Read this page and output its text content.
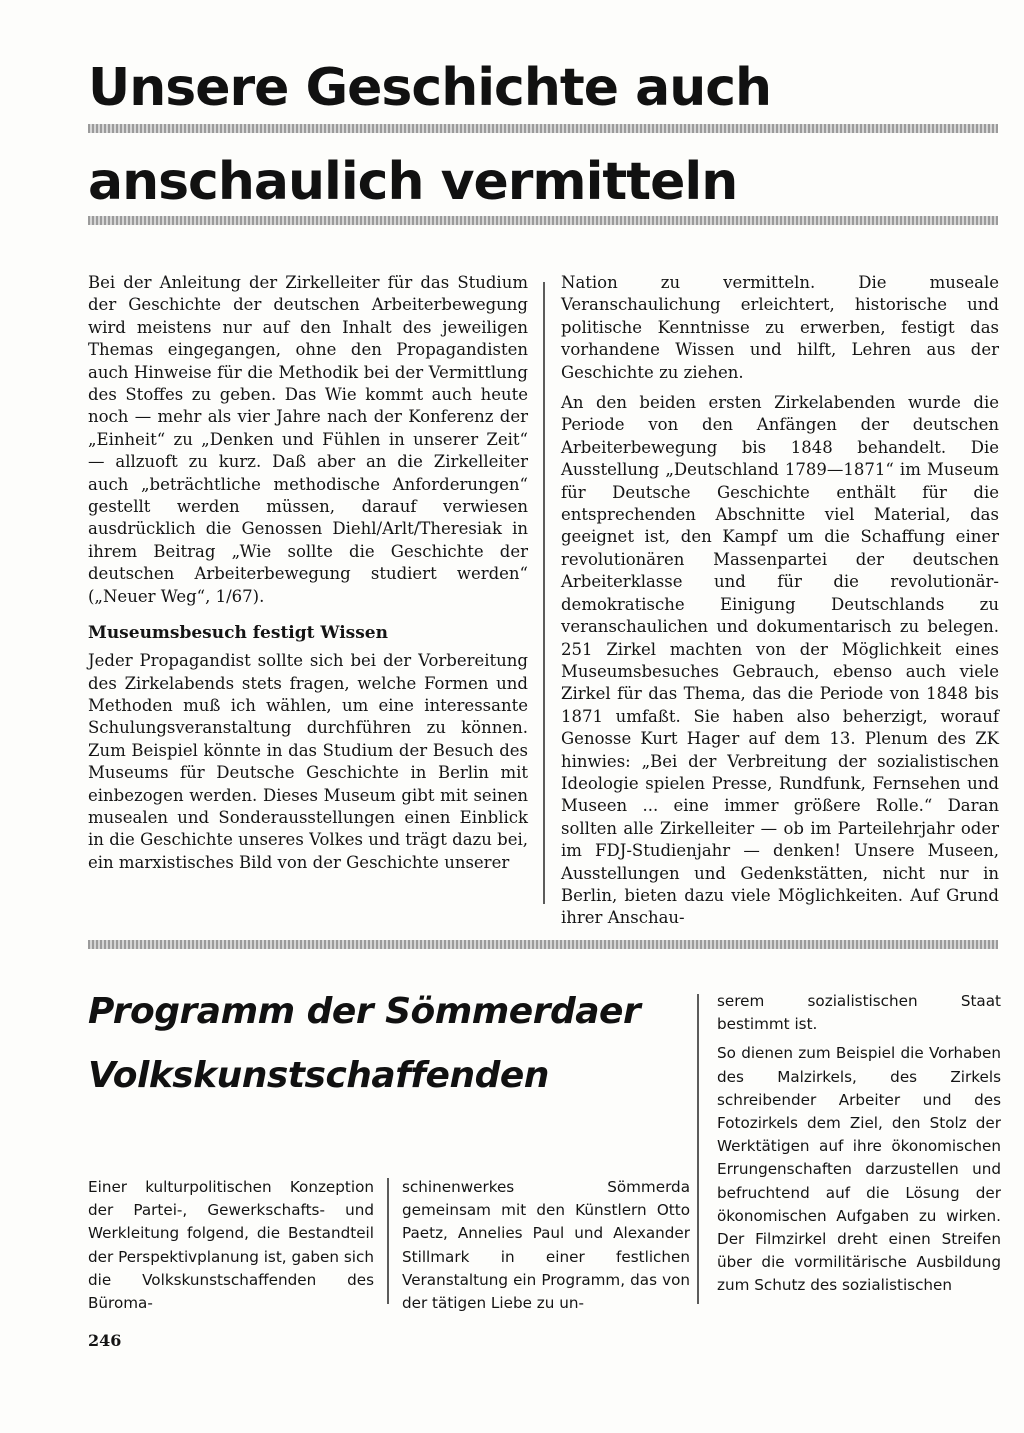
Unsere Geschichte auch
anschaulich vermitteln

Bei der Anleitung der Zirkelleiter für das Studium der Geschichte der deutschen Arbeiterbewegung wird meistens nur auf den Inhalt des jeweiligen Themas eingegangen, ohne den Propagandisten auch Hinweise für die Methodik bei der Vermittlung des Stoffes zu geben. Das Wie kommt auch heute noch — mehr als vier Jahre nach der Konferenz der „Einheit“ zu „Denken und Fühlen in unserer Zeit“ — allzuoft zu kurz. Daß aber an die Zirkelleiter auch „beträchtliche methodische Anforderungen“ gestellt werden müssen, darauf verwiesen ausdrücklich die Genossen Diehl/Arlt/Theresiak in ihrem Beitrag „Wie sollte die Geschichte der deutschen Arbeiterbewegung studiert werden“ („Neuer Weg“, 1/67).

Museumsbesuch festigt Wissen

Jeder Propagandist sollte sich bei der Vorbereitung des Zirkelabends stets fragen, welche Formen und Methoden muß ich wählen, um eine interessante Schulungsveranstaltung durchführen zu können. Zum Beispiel könnte in das Studium der Besuch des Museums für Deutsche Geschichte in Berlin mit einbezogen werden. Dieses Museum gibt mit seinen musealen und Sonderausstellungen einen Einblick in die Geschichte unseres Volkes und trägt dazu bei, ein marxistisches Bild von der Geschichte unserer

Nation zu vermitteln. Die museale Veranschaulichung erleichtert, historische und politische Kenntnisse zu erwerben, festigt das vorhandene Wissen und hilft, Lehren aus der Geschichte zu ziehen.

An den beiden ersten Zirkelabenden wurde die Periode von den Anfängen der deutschen Arbeiterbewegung bis 1848 behandelt. Die Ausstellung „Deutschland 1789—1871“ im Museum für Deutsche Geschichte enthält für die entsprechenden Abschnitte viel Material, das geeignet ist, den Kampf um die Schaffung einer revolutionären Massenpartei der deutschen Arbeiterklasse und für die revolutionär-demokratische Einigung Deutschlands zu veranschaulichen und dokumentarisch zu belegen. 251 Zirkel machten von der Möglichkeit eines Museumsbesuches Gebrauch, ebenso auch viele Zirkel für das Thema, das die Periode von 1848 bis 1871 umfaßt. Sie haben also beherzigt, worauf Genosse Kurt Hager auf dem 13. Plenum des ZK hinwies: „Bei der Verbreitung der sozialistischen Ideologie spielen Presse, Rundfunk, Fernsehen und Museen ... eine immer größere Rolle.“ Daran sollten alle Zirkelleiter — ob im Parteilehrjahr oder im FDJ-Studienjahr — denken! Unsere Museen, Ausstellungen und Gedenkstätten, nicht nur in Berlin, bieten dazu viele Möglichkeiten. Auf Grund ihrer Anschau-

Programm der Sömmerdaer
Volkskunstschaffenden

Einer kulturpolitischen Konzeption der Partei-, Gewerkschafts- und Werkleitung folgend, die Bestandteil der Perspektivplanung ist, gaben sich die Volkskunstschaffenden des Büroma-

schinenwerkes Sömmerda gemeinsam mit den Künstlern Otto Paetz, Annelies Paul und Alexander Stillmark in einer festlichen Veranstaltung ein Programm, das von der tätigen Liebe zu un-

serem sozialistischen Staat bestimmt ist.

So dienen zum Beispiel die Vorhaben des Malzirkels, des Zirkels schreibender Arbeiter und des Fotozirkels dem Ziel, den Stolz der Werktätigen auf ihre ökonomischen Errungenschaften darzustellen und befruchtend auf die Lösung der ökonomischen Aufgaben zu wirken. Der Filmzirkel dreht einen Streifen über die vormilitärische Ausbildung zum Schutz des sozialistischen

246
